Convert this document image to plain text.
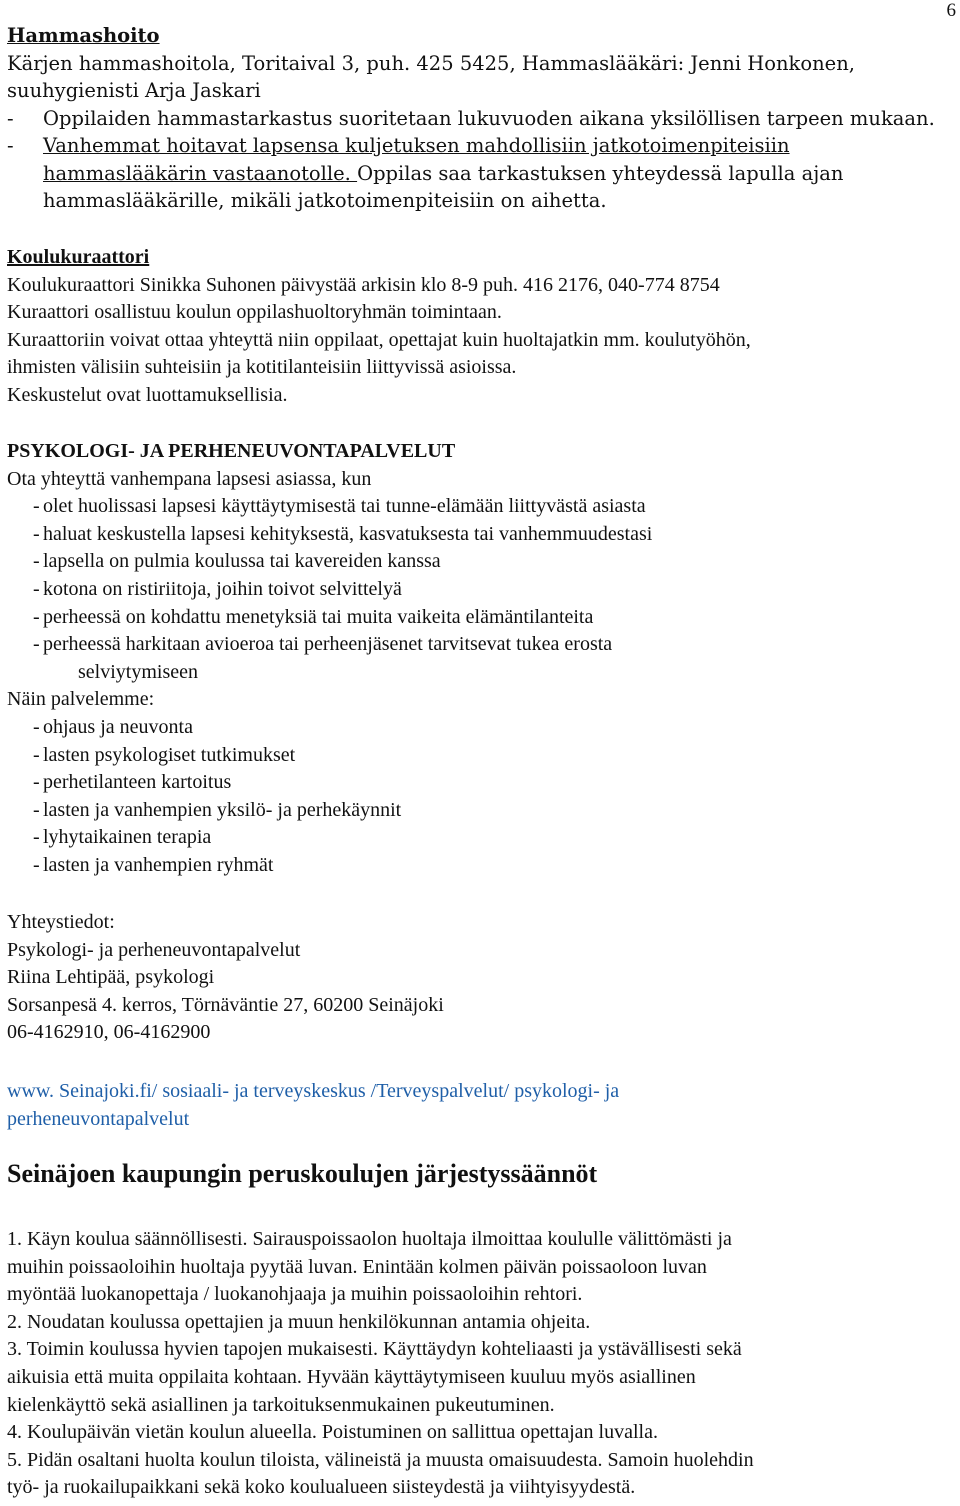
6
Hammashoito
Kärjen hammashoitola, Toritaival 3, puh. 425 5425, Hammaslääkäri: Jenni Honkonen,
suuhygienisti Arja Jaskari
- Oppilaiden hammastarkastus suoritetaan lukuvuoden aikana yksilöllisen tarpeen mukaan.
- Vanhemmat hoitavat lapsensa kuljetuksen mahdollisiin jatkotoimenpiteisiin
hammaslääkärin vastaanotolle. Oppilas saa tarkastuksen yhteydessä lapulla ajan
hammaslääkärille, mikäli jatkotoimenpiteisiin on aihetta.
Koulukuraattori
Koulukuraattori Sinikka Suhonen päivystää arkisin klo 8-9 puh. 416 2176, 040-774 8754
Kuraattori osallistuu koulun oppilashuoltoryhmän toimintaan.
Kuraattoriin voivat ottaa yhteyttä niin oppilaat, opettajat kuin huoltajatkin mm. koulutyöhön,
ihmisten välisiin suhteisiin ja kotitilanteisiin liittyvissä asioissa.
Keskustelut ovat luottamuksellisia.
PSYKOLOGI- JA PERHENEUVONTAPALVELUT
Ota yhteyttä vanhempana lapsesi asiassa, kun
- olet huolissasi lapsesi käyttäytymisestä tai tunne-elämään liittyvästä asiasta
- haluat keskustella lapsesi kehityksestä, kasvatuksesta tai vanhemmuudestasi
- lapsella on pulmia koulussa tai kavereiden kanssa
- kotona on ristiriitoja, joihin toivot selvittelyä
- perheessä on kohdattu menetyksiä tai muita vaikeita elämäntilanteita
- perheessä harkitaan avioeroa tai perheenjäsenet tarvitsevat tukea erosta
selviytymiseen
Näin palvelemme:
- ohjaus ja neuvonta
- lasten psykologiset tutkimukset
- perhetilanteen kartoitus
- lasten ja vanhempien yksilö- ja perhekäynnit
- lyhytaikainen terapia
- lasten ja vanhempien ryhmät
Yhteystiedot:
Psykologi- ja perheneuvontapalvelut
Riina Lehtipää, psykologi
Sorsanpesä 4. kerros, Törnäväntie 27, 60200 Seinäjoki
06-4162910, 06-4162900
www. Seinajoki.fi/ sosiaali- ja terveyskeskus /Terveyspalvelut/ psykologi- ja
perheneuvontapalvelut
Seinäjoen kaupungin peruskoulujen järjestyssäännöt
1. Käyn koulua säännöllisesti. Sairauspoissaolon huoltaja ilmoittaa koululle välittömästi ja
muihin poissaoloihin huoltaja pyytää luvan. Enintään kolmen päivän poissaoloon luvan
myöntää luokanopettaja / luokanohjaaja ja muihin poissaoloihin rehtori.
2. Noudatan koulussa opettajien ja muun henkilökunnan antamia ohjeita.
3. Toimin koulussa hyvien tapojen mukaisesti. Käyttäydyn kohteliaasti ja ystävällisesti sekä
aikuisia että muita oppilaita kohtaan. Hyvään käyttäytymiseen kuuluu myös asiallinen
kielenkäyttö sekä asiallinen ja tarkoituksenmukainen pukeutuminen.
4. Koulupäivän vietän koulun alueella. Poistuminen on sallittua opettajan luvalla.
5. Pidän osaltani huolta koulun tiloista, välineistä ja muusta omaisuudesta. Samoin huolehdin
työ- ja ruokailupaikkani sekä koko koulualueen siisteydestä ja viihtyisyydestä.
